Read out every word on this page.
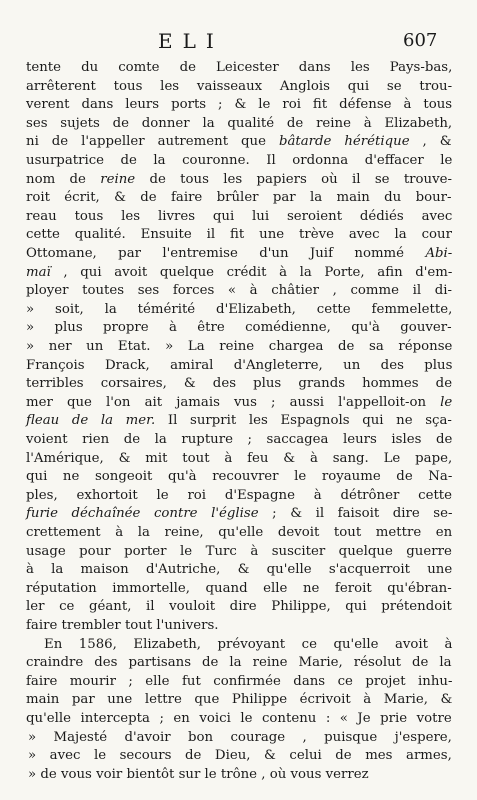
ELI	607
tente du comte de Leicester dans les Pays-bas,
arrêterent tous les vaisseaux Anglois qui se trou-
verent dans leurs ports ; & le roi fit défense à tous
ses sujets de donner la qualité de reine à Elizabeth,
ni de l'appeller autrement que bâtarde hérétique , &
usurpatrice de la couronne. Il ordonna d'effacer le
nom de reine de tous les papiers où il se trouve-
roit écrit, & de faire brûler par la main du bour-
reau tous les livres qui lui seroient dédiés avec
cette qualité. Ensuite il fit une trève avec la cour
Ottomane, par l'entremise d'un Juif nommé Abi-
maï , qui avoit quelque crédit à la Porte, afin d'em-
ployer toutes ses forces « à châtier , comme il di-
» soit, la témérité d'Elizabeth, cette femmelette,
» plus propre à être comédienne, qu'à gouver-
» ner un Etat. » La reine chargea de sa réponse
François Drack, amiral d'Angleterre, un des plus
terribles corsaires, & des plus grands hommes de
mer que l'on ait jamais vus ; aussi l'appelloit-on le
fleau de la mer. Il surprit les Espagnols qui ne sça-
voient rien de la rupture ; saccagea leurs isles de
l'Amérique, & mit tout à feu & à sang. Le pape,
qui ne songeoit qu'à recouvrer le royaume de Na-
ples, exhortoit le roi d'Espagne à détrôner cette
furie déchaînée contre l'église ; & il faisoit dire se-
crettement à la reine, qu'elle devoit tout mettre en
usage pour porter le Turc à susciter quelque guerre
à la maison d'Autriche, & qu'elle s'acquerroit une
réputation immortelle, quand elle ne feroit qu'ébran-
ler ce géant, il vouloit dire Philippe, qui prétendoit
faire trembler tout l'univers.
En 1586, Elizabeth, prévoyant ce qu'elle avoit à
craindre des partisans de la reine Marie, résolut de la
faire mourir ; elle fut confirmée dans ce projet inhu-
main par une lettre que Philippe écrivoit à Marie, &
qu'elle intercepta ; en voici le contenu : « Je prie votre
» Majesté d'avoir bon courage , puisque j'espere,
» avec le secours de Dieu, & celui de mes armes,
» de vous voir bientôt sur le trône , où vous verrez
